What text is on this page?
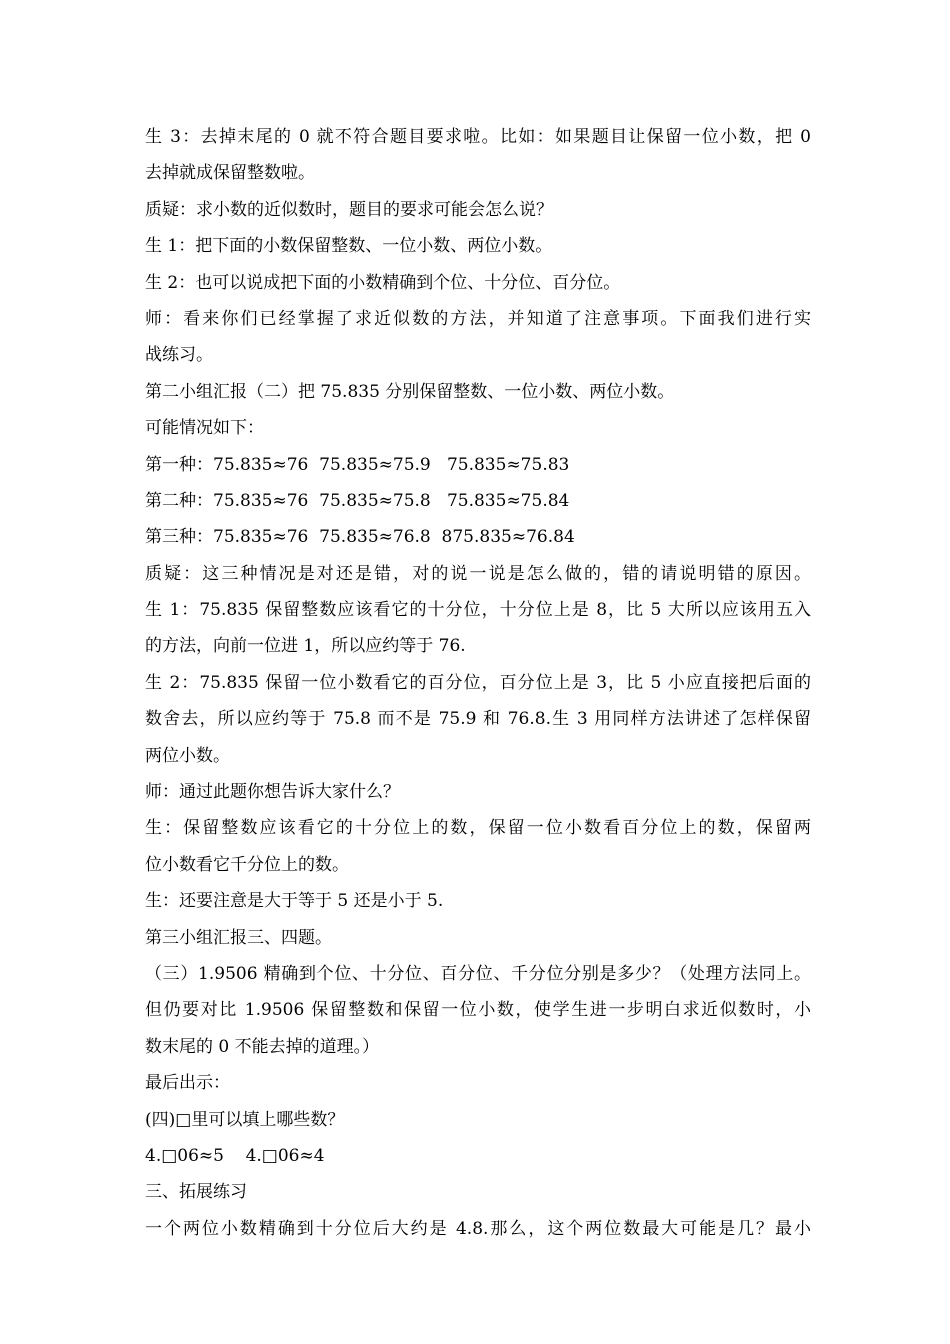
生 3：去掉末尾的 0 就不符合题目要求啦。比如：如果题目让保留一位小数，把 0
去掉就成保留整数啦。
质疑：求小数的近似数时，题目的要求可能会怎么说？
生 1：把下面的小数保留整数、一位小数、两位小数。
生 2：也可以说成把下面的小数精确到个位、十分位、百分位。
师：看来你们已经掌握了求近似数的方法，并知道了注意事项。下面我们进行实
战练习。
第二小组汇报（二）把 75.835 分别保留整数、一位小数、两位小数。
可能情况如下：
第一种：75.835≈76  75.835≈75.9   75.835≈75.83
第二种：75.835≈76  75.835≈75.8   75.835≈75.84
第三种：75.835≈76  75.835≈76.8  875.835≈76.84
质疑：这三种情况是对还是错，对的说一说是怎么做的，错的请说明错的原因。
生 1：75.835 保留整数应该看它的十分位，十分位上是 8，比 5 大所以应该用五入
的方法，向前一位进 1，所以应约等于 76.
生 2：75.835 保留一位小数看它的百分位，百分位上是 3，比 5 小应直接把后面的
数舍去，所以应约等于 75.8 而不是 75.9 和 76.8.生 3 用同样方法讲述了怎样保留
两位小数。
师：通过此题你想告诉大家什么？
生：保留整数应该看它的十分位上的数，保留一位小数看百分位上的数，保留两
位小数看它千分位上的数。
生：还要注意是大于等于 5 还是小于 5.
第三小组汇报三、四题。
（三）1.9506 精确到个位、十分位、百分位、千分位分别是多少？（处理方法同上。
但仍要对比 1.9506 保留整数和保留一位小数，使学生进一步明白求近似数时，小
数末尾的 0 不能去掉的道理。）
最后出示：
(四)□里可以填上哪些数？
4.□06≈5    4.□06≈4
三、拓展练习
一个两位小数精确到十分位后大约是 4.8.那么，这个两位数最大可能是几？最小
